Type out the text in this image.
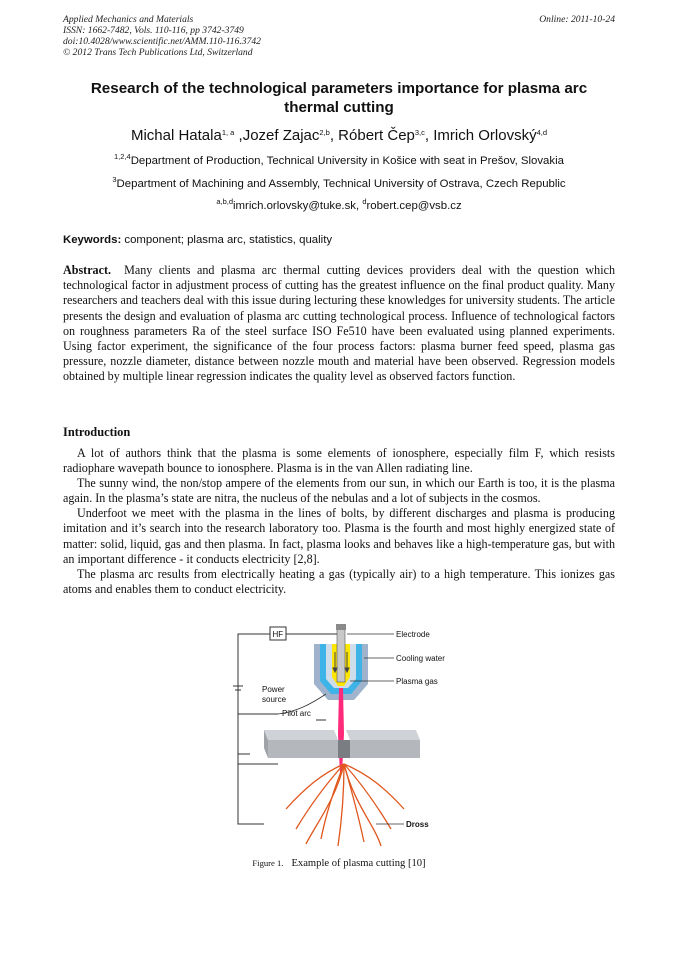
Applied Mechanics and Materials	Online: 2011-10-24
ISSN: 1662-7482, Vols. 110-116, pp 3742-3749
doi:10.4028/www.scientific.net/AMM.110-116.3742
© 2012 Trans Tech Publications Ltd, Switzerland
Research of the technological parameters importance for plasma arc thermal cutting
Michal Hatala$^{1, a}$ ,Jozef Zajac$^{2,b}$, Róbert Čep$^{3,c}$, Imrich Orlovský$^{4,d}$
$^{1,2,4}$Department of Production, Technical University in Košice with seat in Prešov, Slovakia
$^3$Department of Machining and Assembly, Technical University of Ostrava, Czech Republic
$^{a,b,d}$imrich.orlovsky@tuke.sk, $^d$robert.cep@vsb.cz
Keywords: component; plasma arc, statistics, quality
Abstract.  Many clients and plasma arc thermal cutting devices providers deal with the question which technological factor in adjustment process of cutting has the greatest influence on the final product quality. Many researchers and teachers deal with this issue during lecturing these knowledges for university students. The article presents the design and evaluation of plasma arc cutting technological process. Influence of technological factors on roughness parameters Ra of the steel surface ISO Fe510 have been evaluated using planned experiments. Using factor experiment, the significance of the four process factors: plasma burner feed speed, plasma gas pressure, nozzle diameter, distance between nozzle mouth and material have been observed. Regression models obtained by multiple linear regression indicates the quality level as observed factors function.
Introduction

A lot of authors think that the plasma is some elements of ionosphere, especially film F, which resists radiophare wavepath bounce to ionosphere. Plasma is in the van Allen radiating line.

The sunny wind, the non/stop ampere of the elements from our sun, in which our Earth is too, it is the plasma again. In the plasma’s state are nitra, the nucleus of the nebulas and a lot of subjects in the cosmos.

Underfoot we meet with the plasma in the lines of bolts, by different discharges and plasma is producing imitation and it’s search into the research laboratory too. Plasma is the fourth and most highly energized state of matter: solid, liquid, gas and then plasma. In fact, plasma looks and behaves like a high-temperature gas, but with an important difference - it conducts electricity [2,8].

The plasma arc results from electrically heating a gas (typically air) to a high temperature. This ionizes gas atoms and enables them to conduct electricity.

HF	Electrode
Cooling water
Plasma gas
Power
source
Pilot arc
Dross
Figure 1. Example of plasma cutting [10]
